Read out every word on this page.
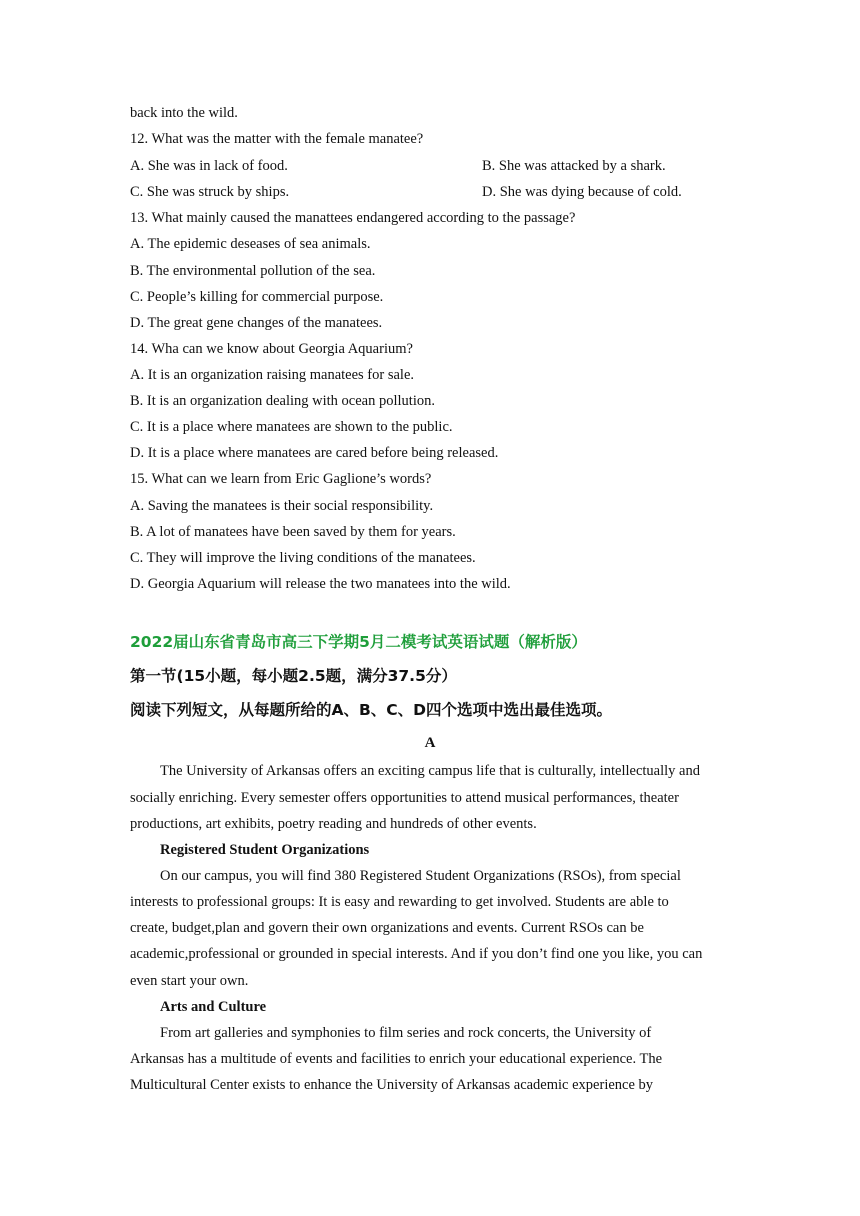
back into the wild.

12. What was the matter with the female manatee?

A. She was in lack of food.	B. She was attacked by a shark.

C. She was struck by ships.	D. She was dying because of cold.

13. What mainly caused the manattees endangered according to the passage?

A. The epidemic deseases of sea animals.

B. The environmental pollution of the sea.

C. People’s killing for commercial purpose.

D. The great gene changes of the manatees.

14. Wha can we know about Georgia Aquarium?

A. It is an organization raising manatees for sale.

B. It is an organization dealing with ocean pollution.

C. It is a place where manatees are shown to the public.

D. It is a place where manatees are cared before being released.

15. What can we learn from Eric Gaglione’s words?

A. Saving the manatees is their social responsibility.

B. A lot of manatees have been saved by them for years.

C. They will improve the living conditions of the manatees.

D. Georgia Aquarium will release the two manatees into the wild.

2022届山东省青岛市高三下学期5月二模考试英语试题（解析版）

第一节(15小题，每小题2.5题，满分37.5分）

阅读下列短文，从每题所给的A、B、C、D四个选项中选出最佳选项。

A

The University of Arkansas offers an exciting campus life that is culturally, intellectually and

socially enriching. Every semester offers opportunities to attend musical performances, theater

productions, art exhibits, poetry reading and hundreds of other events.

Registered Student Organizations

On our campus, you will find 380 Registered Student Organizations (RSOs), from special

interests to professional groups: It is easy and rewarding to get involved. Students are able to

create, budget,plan and govern their own organizations and events. Current RSOs can be

academic,professional or grounded in special interests. And if you don’t find one you like, you can

even start your own.

Arts and Culture

From art galleries and symphonies to film series and rock concerts, the University of

Arkansas has a multitude of events and facilities to enrich your educational experience. The

Multicultural Center exists to enhance the University of Arkansas academic experience by
